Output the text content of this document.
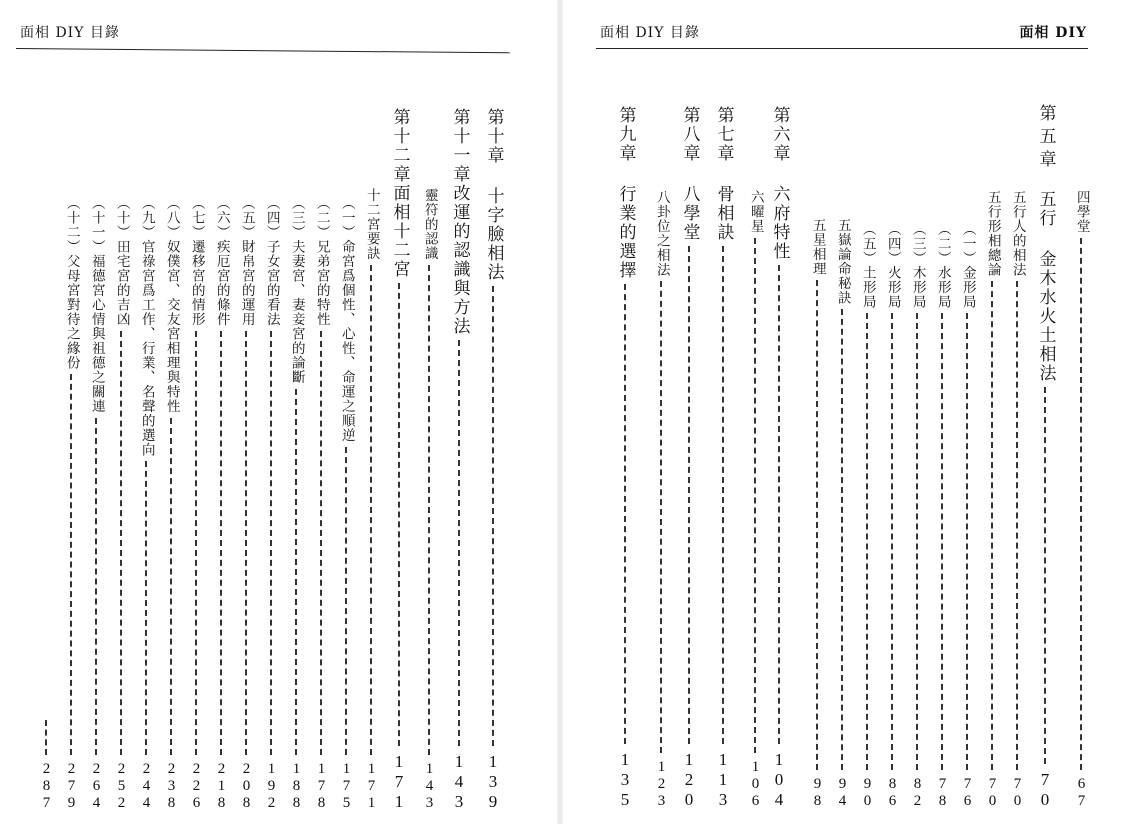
面相 DIY 目錄
第十章 十字臉相法
139
第十一章改運的認識與方法
143
靈符的認識
143
第十二章面相十二宮
171
十二宮要訣
171
（一）命宮爲個性、心性、命運之順逆
175
（二）兄弟宮的特性
178
（三）夫妻宮、妻妾宮的論斷
188
（四）子女宮的看法
192
（五）財帛宮的運用
208
（六）疾厄宮的條件
218
（七）遷移宮的情形
226
（八）奴僕宮、交友宮相理與特性
238
（九）官祿宮爲工作、行業、名聲的選向
244
（十）田宅宮的吉凶
252
（十一）福德宮心情與祖德之關連
264
（十二）父母宮對待之緣份
279
287
面相 DIY 目錄	面相 DIY
第五章
四學堂
67
五行 金木水火土相法
70
五行人的相法
70
五行形相總論
70
（一）金形局
76
（二）水形局
78
（三）木形局
82
（四）火形局
86
（五）土形局
90
五嶽論命秘訣
94
五星相理
98
第六章 六府特性
104
六曜星
106
第七章 骨相訣
113
第八章 八學堂
120
八卦位之相法
123
第九章 行業的選擇
135
